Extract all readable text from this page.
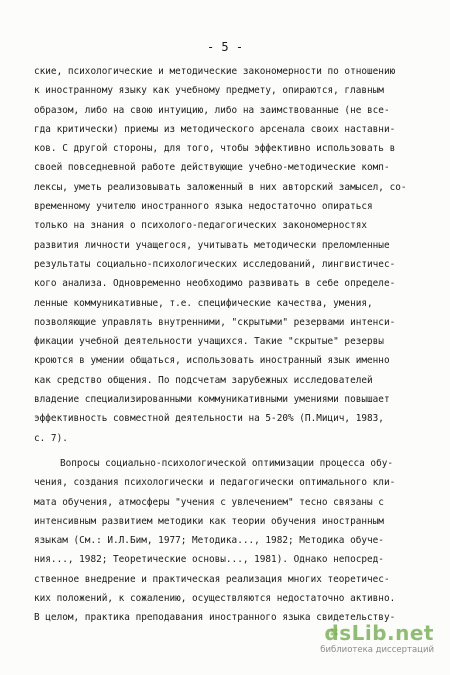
- 5 -
ские, психологические и методические закономерности по отношению
к иностранному языку как учебному предмету, опираются, главным
образом, либо на свою интуицию, либо на заимствованные (не все-
гда критически) приемы из методического арсенала своих наставни-
ков. С другой стороны, для того, чтобы эффективно использовать в
своей повседневной работе действующие учебно-методические комп-
лексы, уметь реализовывать заложенный в них авторский замысел, со-
временному учителю иностранного языка недостаточно опираться
только на знания о психолого-педагогических закономерностях
развития личности учащегося, учитывать методически преломленные
результаты социально-психологических исследований, лингвистичес-
кого анализа. Одновременно необходимо развивать в себе определе-
ленные коммуникативные, т.е. специфические качества, умения,
позволяющие управлять внутренними, "скрытыми" резервами интенси-
фикации учебной деятельности учащихся. Такие "скрытые" резервы
кроются в умении общаться, использовать иностранный язык именно
как средство общения. По подсчетам зарубежных исследователей
владение специализированными коммуникативными умениями повышает
эффективность совместной деятельности на 5-20% (П.Мицич, 1983,
с. 7).
Вопросы социально-психологической оптимизации процесса обу-
чения, создания психологически и педагогически оптимального кли-
мата обучения, атмосферы "учения с увлечением" тесно связаны с
интенсивным развитием методики как теории обучения иностранным
языкам (См.: И.Л.Бим, 1977; Методика..., 1982; Методика обуче-
ния..., 1982; Теоретические основы..., 1981). Однако непосред-
ственное внедрение и практическая реализация многих теоретичес-
ких положений, к сожалению, осуществляются недостаточно активно.
В целом, практика преподавания иностранного языка свидетельству-
dsLib.net
библиотека диссертаций
